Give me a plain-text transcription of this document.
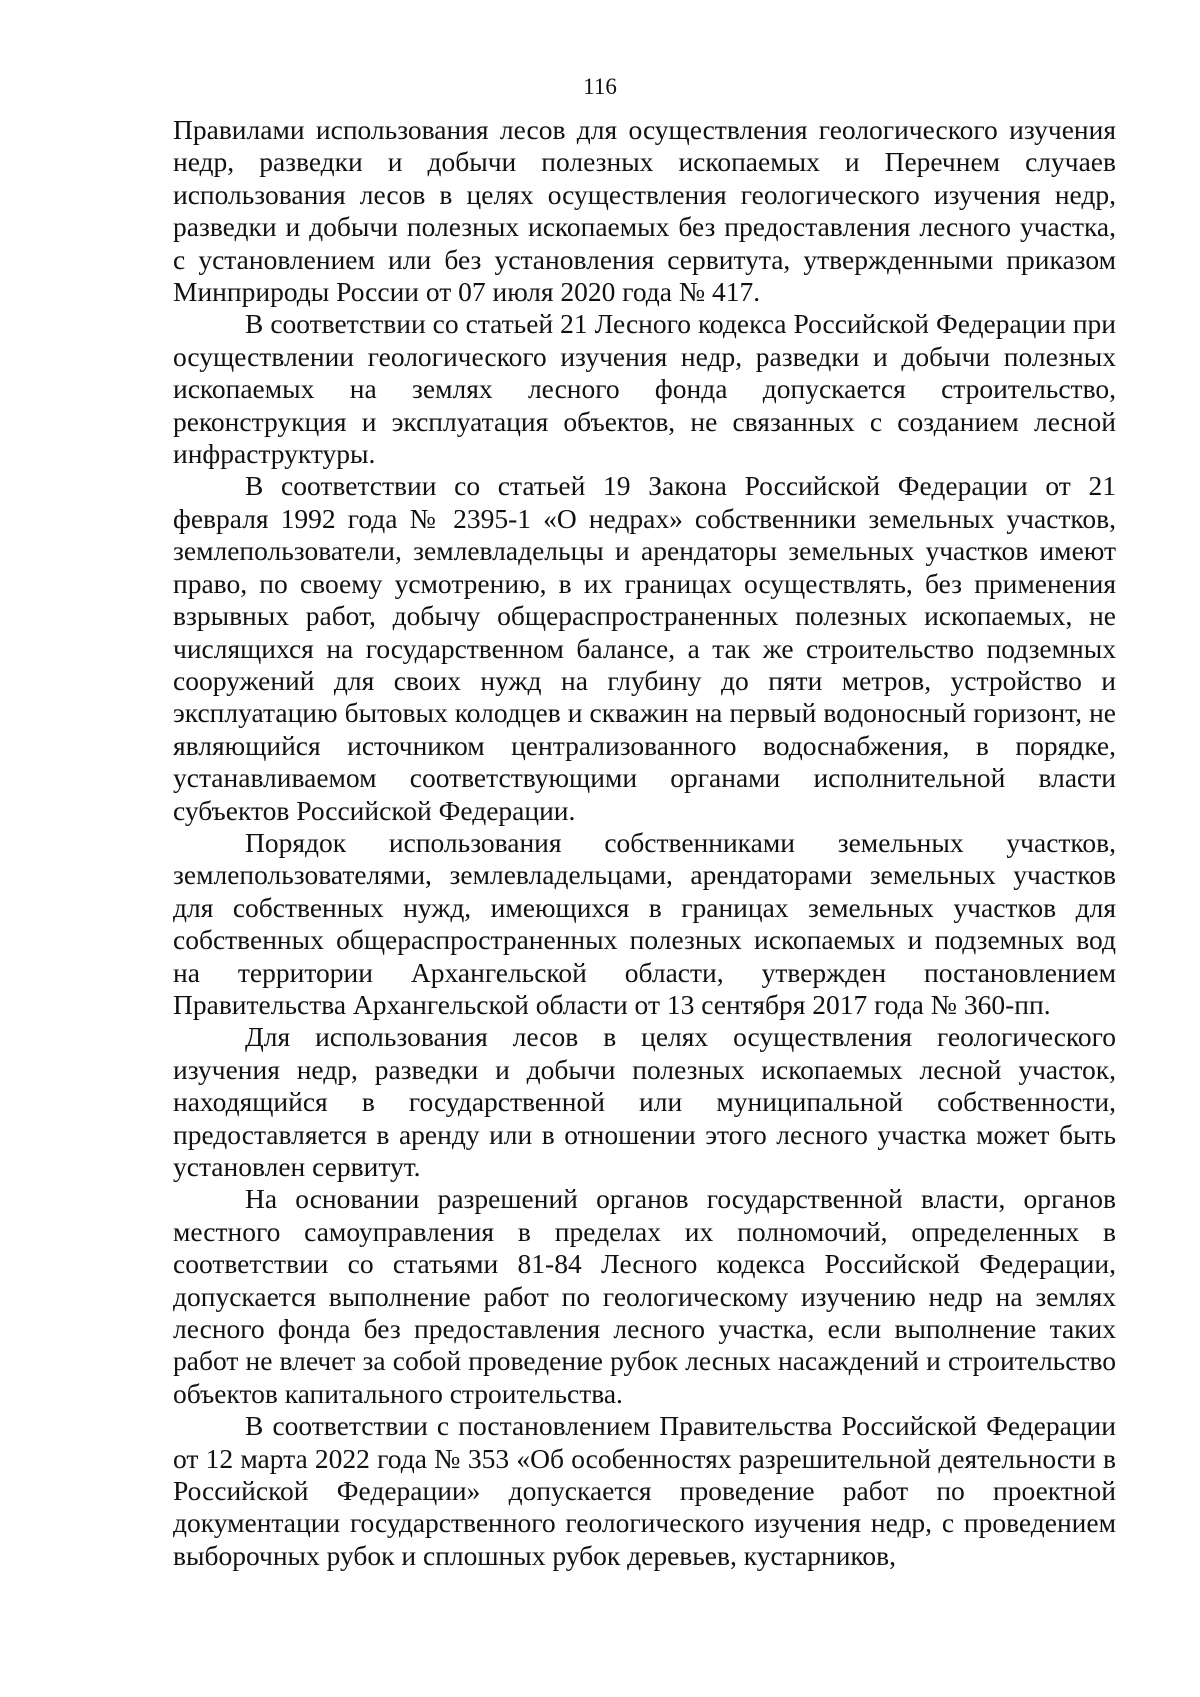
116

Правилами использования лесов для осуществления геологического изучения недр, разведки и добычи полезных ископаемых и Перечнем случаев использования лесов в целях осуществления геологического изучения недр, разведки и добычи полезных ископаемых без предоставления лесного участка, с установлением или без установления сервитута, утвержденными приказом Минприроды России от 07 июля 2020 года № 417.

В соответствии со статьей 21 Лесного кодекса Российской Федерации при осуществлении геологического изучения недр, разведки и добычи полезных ископаемых на землях лесного фонда допускается строительство, реконструкция и эксплуатация объектов, не связанных с созданием лесной инфраструктуры.

В соответствии со статьей 19 Закона Российской Федерации от 21 февраля 1992 года № 2395-1 «О недрах» собственники земельных участков, землепользователи, землевладельцы и арендаторы земельных участков имеют право, по своему усмотрению, в их границах осуществлять, без применения взрывных работ, добычу общераспространенных полезных ископаемых, не числящихся на государственном балансе, а так же строительство подземных сооружений для своих нужд на глубину до пяти метров, устройство и эксплуатацию бытовых колодцев и скважин на первый водоносный горизонт, не являющийся источником централизованного водоснабжения, в порядке, устанавливаемом соответствующими органами исполнительной власти субъектов Российской Федерации.

Порядок использования собственниками земельных участков, землепользователями, землевладельцами, арендаторами земельных участков для собственных нужд, имеющихся в границах земельных участков для собственных общераспространенных полезных ископаемых и подземных вод на территории Архангельской области, утвержден постановлением Правительства Архангельской области от 13 сентября 2017 года № 360-пп.

Для использования лесов в целях осуществления геологического изучения недр, разведки и добычи полезных ископаемых лесной участок, находящийся в государственной или муниципальной собственности, предоставляется в аренду или в отношении этого лесного участка может быть установлен сервитут.

На основании разрешений органов государственной власти, органов местного самоуправления в пределах их полномочий, определенных в соответствии со статьями 81-84 Лесного кодекса Российской Федерации, допускается выполнение работ по геологическому изучению недр на землях лесного фонда без предоставления лесного участка, если выполнение таких работ не влечет за собой проведение рубок лесных насаждений и строительство объектов капитального строительства.

В соответствии с постановлением Правительства Российской Федерации от 12 марта 2022 года № 353 «Об особенностях разрешительной деятельности в Российской Федерации» допускается проведение работ по проектной документации государственного геологического изучения недр, с проведением выборочных рубок и сплошных рубок деревьев, кустарников,
